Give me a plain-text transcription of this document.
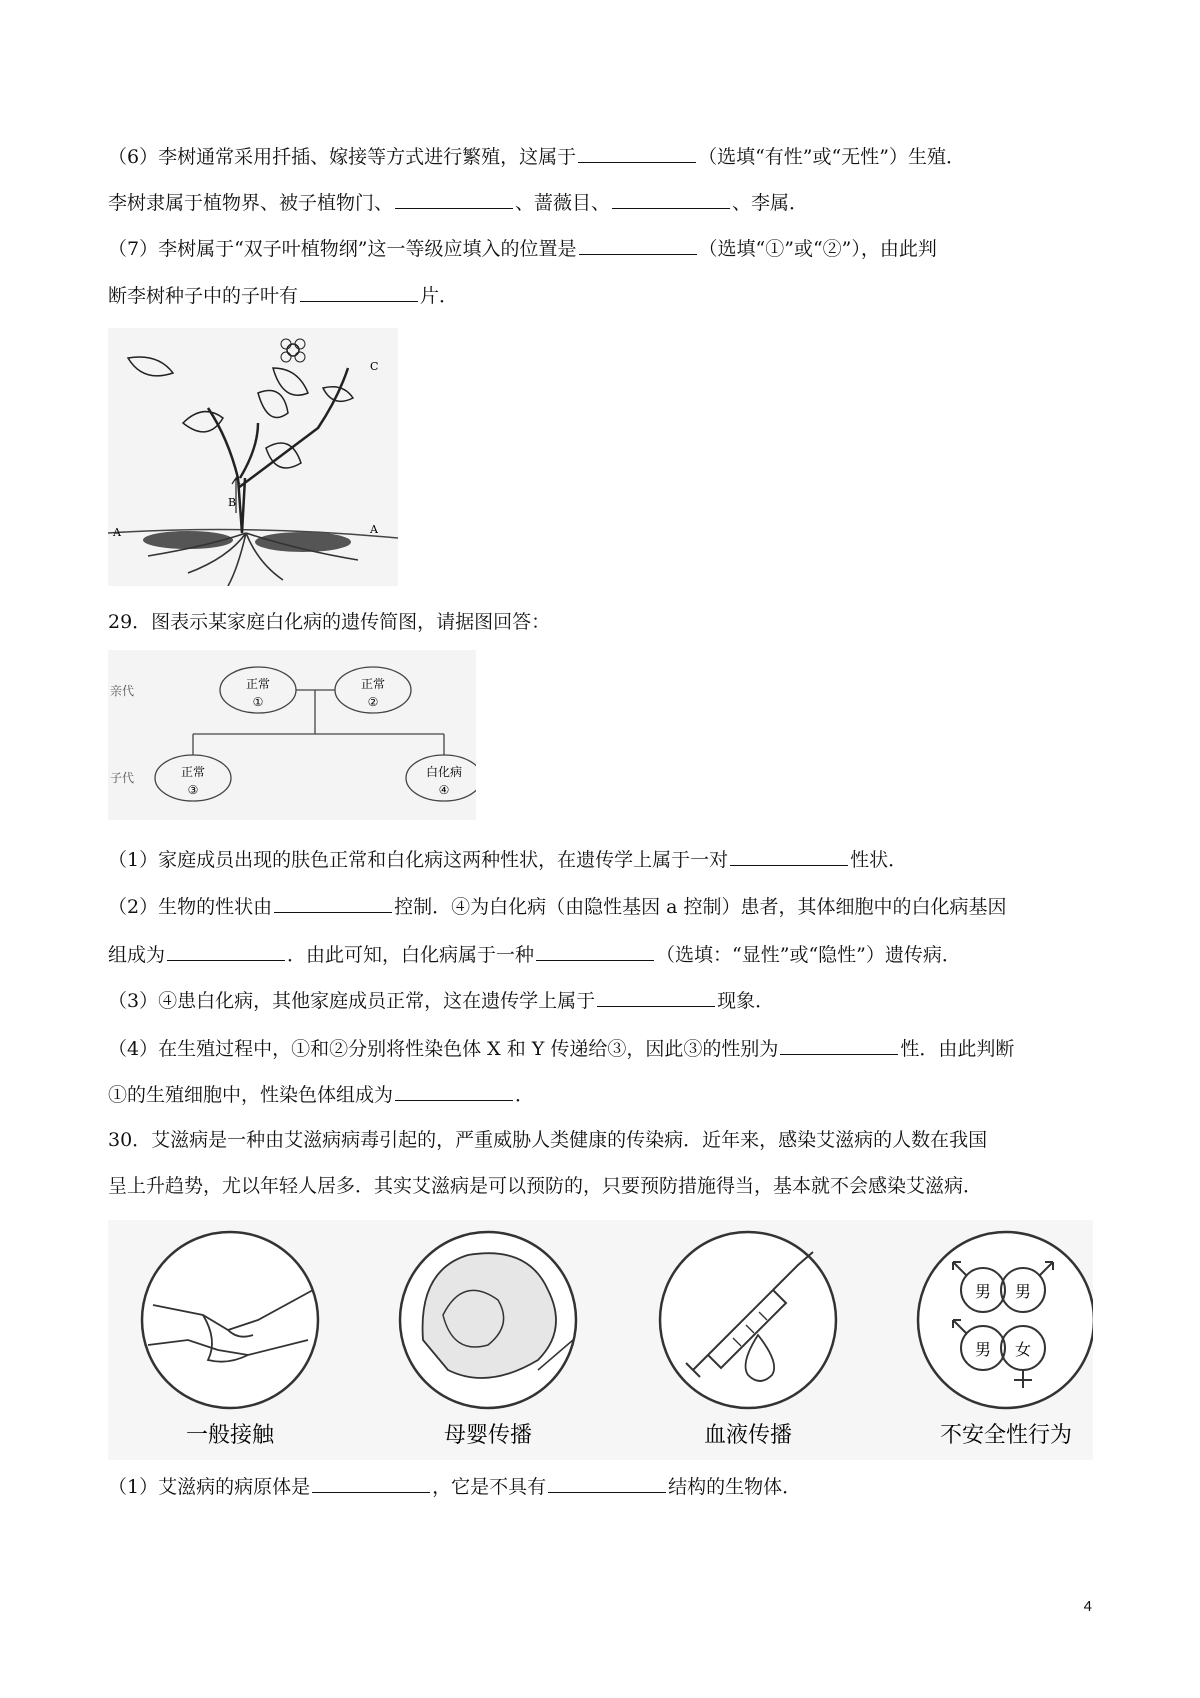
（6）李树通常采用扦插、嫁接等方式进行繁殖，这属于	（选填“有性”或“无性”）生殖．
李树隶属于植物界、被子植物门、	、蔷薇目、	、李属．
（7）李树属于“双子叶植物纲”这一等级应填入的位置是	（选填“①”或“②”），由此判
断李树种子中的子叶有	片．
B
A	A
C
29．图表示某家庭白化病的遗传简图，请据图回答：
亲代
子代
正常
①
正常
②
正常
③
白化病
④
（1）家庭成员出现的肤色正常和白化病这两种性状，在遗传学上属于一对	性状．
（2）生物的性状由	控制．④为白化病（由隐性基因 a 控制）患者，其体细胞中的白化病基因
组成为	．由此可知，白化病属于一种	（选填：“显性”或“隐性”）遗传病．
（3）④患白化病，其他家庭成员正常，这在遗传学上属于	现象．
（4）在生殖过程中，①和②分别将性染色体 X 和 Y 传递给③，因此③的性别为	性．由此判断
①的生殖细胞中，性染色体组成为	．
30．艾滋病是一种由艾滋病病毒引起的，严重威胁人类健康的传染病．近年来，感染艾滋病的人数在我国
呈上升趋势，尤以年轻人居多．其实艾滋病是可以预防的，只要预防措施得当，基本就不会感染艾滋病．
男 男
男 女
一般接触	母婴传播	血液传播	不安全性行为
（1）艾滋病的病原体是	，它是不具有	结构的生物体．
4
